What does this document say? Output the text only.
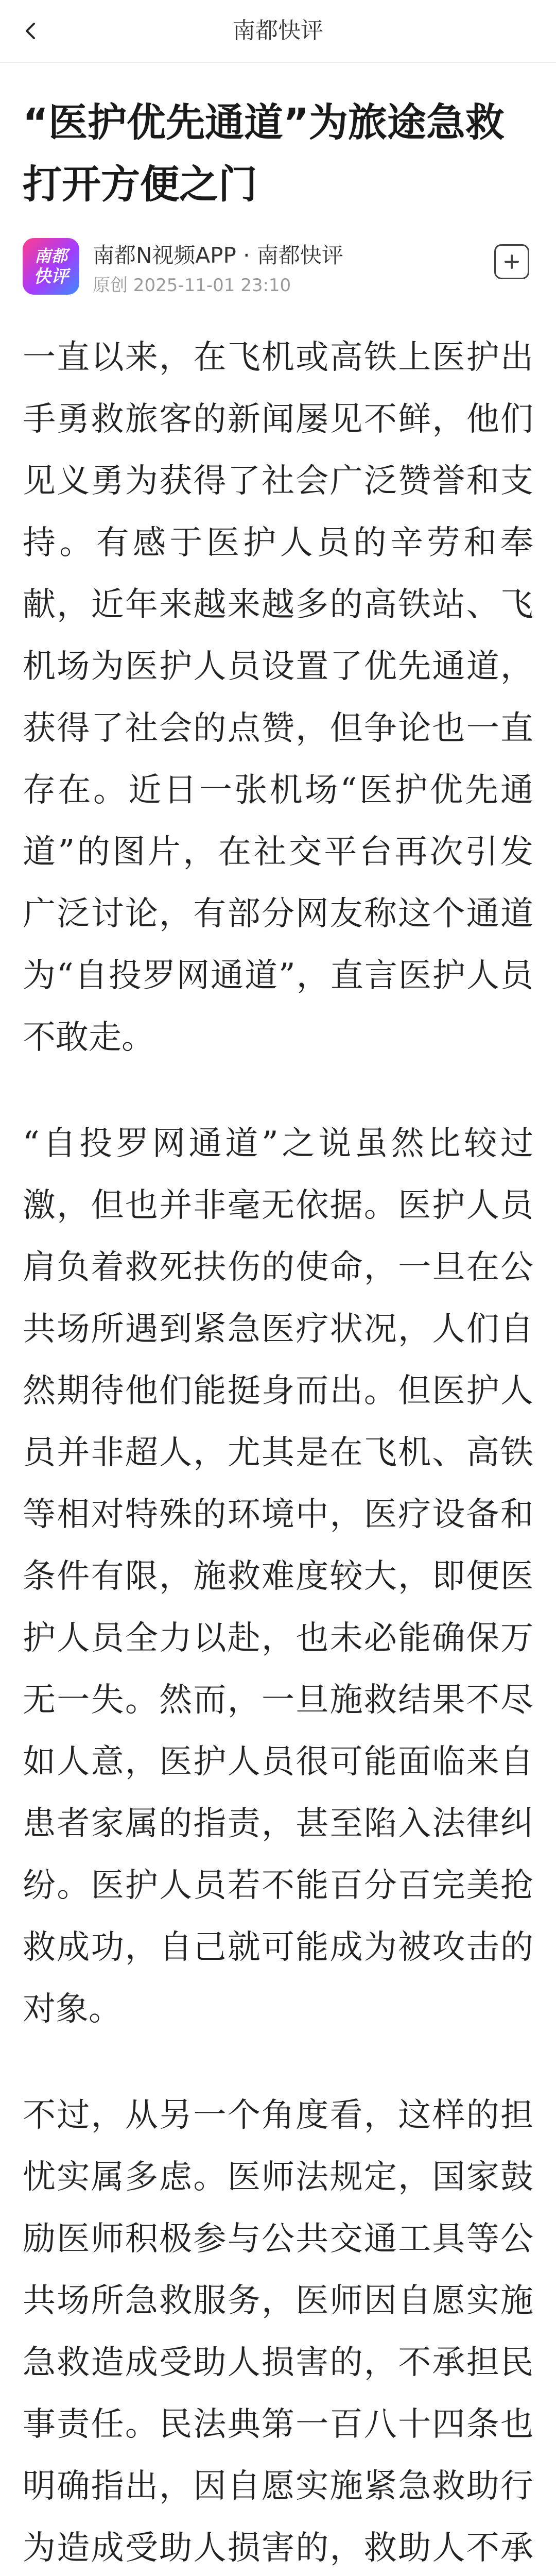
南都快评
“医护优先通道”为旅途急救打开方便之门
南都
快评
南都N视频APP · 南都快评
原创 2025-11-01 23:10

一直以来，在飞机或高铁上医护出手勇救旅客的新闻屡见不鲜，他们见义勇为获得了社会广泛赞誉和支持。有感于医护人员的辛劳和奉献，近年来越来越多的高铁站、飞机场为医护人员设置了优先通道，获得了社会的点赞，但争论也一直存在。近日一张机场“医护优先通道”的图片，在社交平台再次引发广泛讨论，有部分网友称这个通道为“自投罗网通道”，直言医护人员不敢走。

“自投罗网通道”之说虽然比较过激，但也并非毫无依据。医护人员肩负着救死扶伤的使命，一旦在公共场所遇到紧急医疗状况，人们自然期待他们能挺身而出。但医护人员并非超人，尤其是在飞机、高铁等相对特殊的环境中，医疗设备和条件有限，施救难度较大，即便医护人员全力以赴，也未必能确保万无一失。然而，一旦施救结果不尽如人意，医护人员很可能面临来自患者家属的指责，甚至陷入法律纠纷。医护人员若不能百分百完美抢救成功，自己就可能成为被攻击的对象。

不过，从另一个角度看，这样的担忧实属多虑。医师法规定，国家鼓励医师积极参与公共交通工具等公共场所急救服务，医师因自愿实施急救造成受助人损害的，不承担民事责任。民法典第一百八十四条也明确指出，因自愿实施紧急救助行为造成受助人损害的，救助人不承
